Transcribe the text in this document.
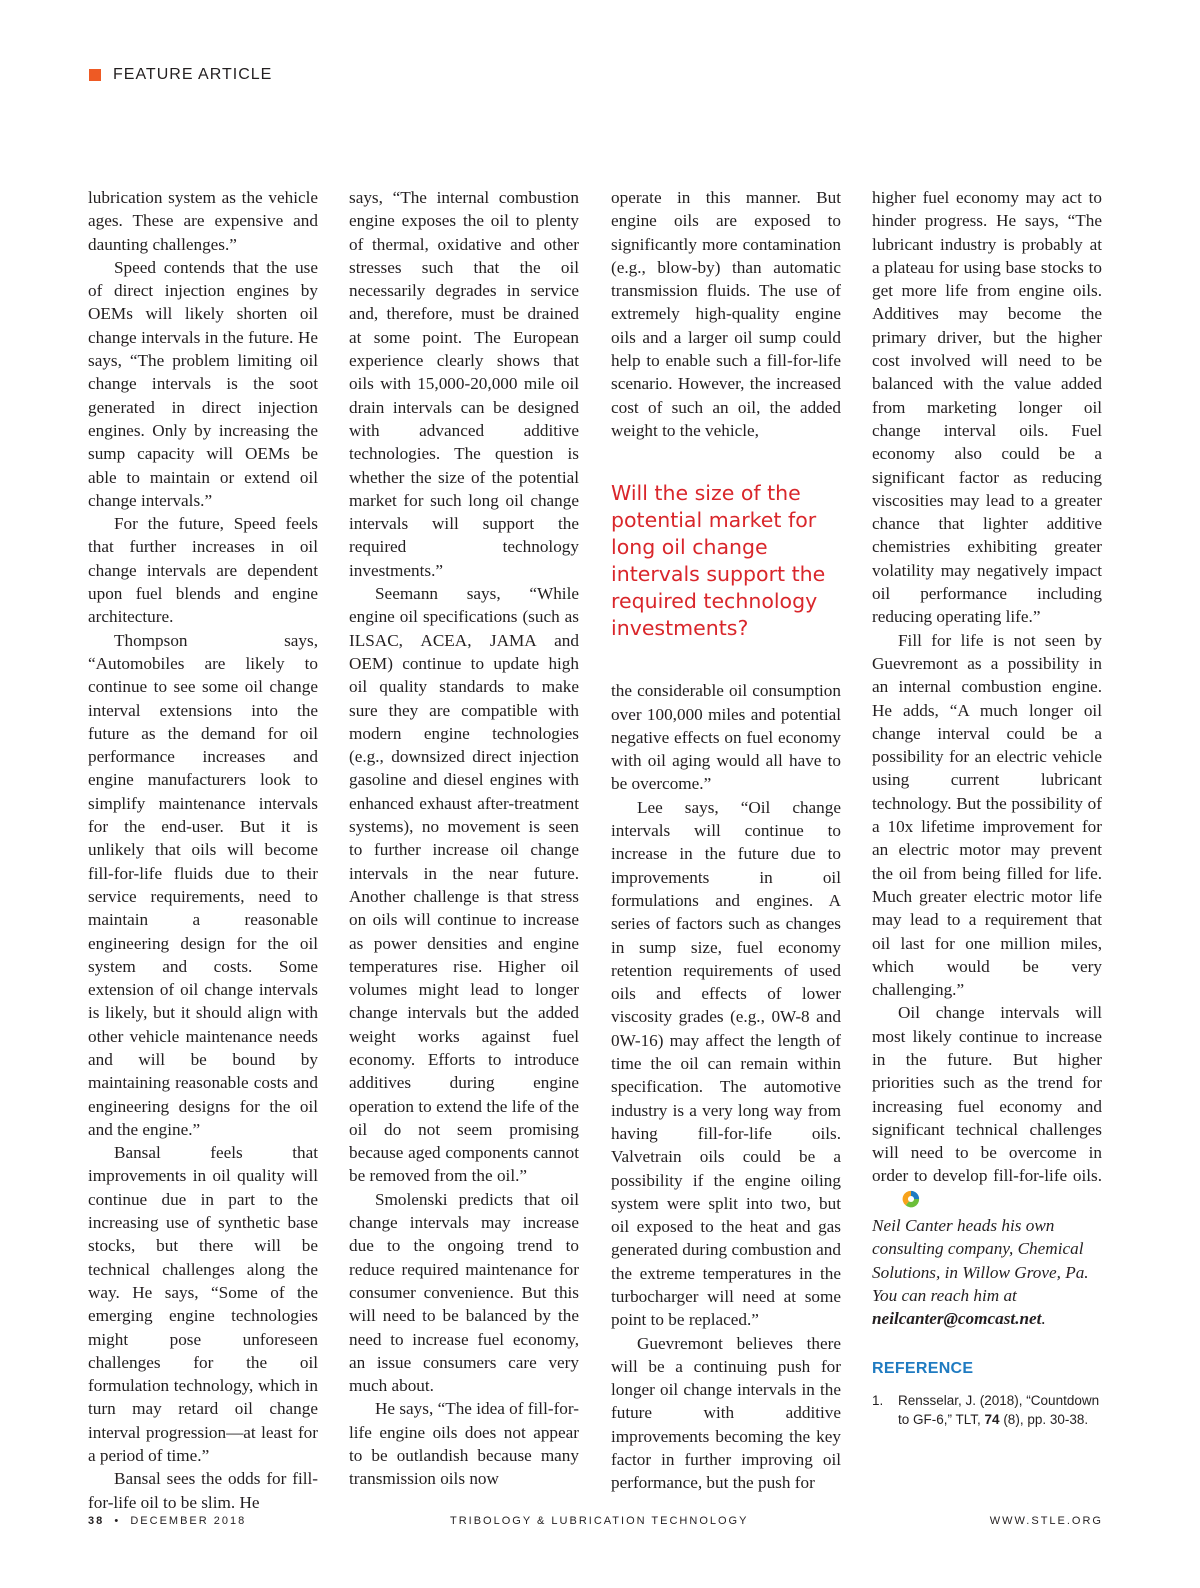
FEATURE ARTICLE

lubrication system as the vehicle ages. These are expensive and daunting challenges.”

Speed contends that the use of direct injection engines by OEMs will likely shorten oil change intervals in the future. He says, “The problem limiting oil change intervals is the soot generated in direct injection engines. Only by increasing the sump capacity will OEMs be able to maintain or extend oil change intervals.”

For the future, Speed feels that further increases in oil change intervals are dependent upon fuel blends and engine architecture.

Thompson says, “Automobiles are likely to continue to see some oil change interval extensions into the future as the demand for oil performance increases and engine manufacturers look to simplify maintenance intervals for the end-user. But it is unlikely that oils will become fill-for-life fluids due to their service requirements, need to maintain a reasonable engineering design for the oil system and costs. Some extension of oil change intervals is likely, but it should align with other vehicle maintenance needs and will be bound by maintaining reasonable costs and engineering designs for the oil and the engine.”

Bansal feels that improvements in oil quality will continue due in part to the increasing use of synthetic base stocks, but there will be technical challenges along the way. He says, “Some of the emerging engine technologies might pose unforeseen challenges for the oil formulation technology, which in turn may retard oil change interval progression—at least for a period of time.”

Bansal sees the odds for fill-for-life oil to be slim. He

says, “The internal combustion engine exposes the oil to plenty of thermal, oxidative and other stresses such that the oil necessarily degrades in service and, therefore, must be drained at some point. The European experience clearly shows that oils with 15,000-20,000 mile oil drain intervals can be designed with advanced additive technologies. The question is whether the size of the potential market for such long oil change intervals will support the required technology investments.”

Seemann says, “While engine oil specifications (such as ILSAC, ACEA, JAMA and OEM) continue to update high oil quality standards to make sure they are compatible with modern engine technologies (e.g., downsized direct injection gasoline and diesel engines with enhanced exhaust after-treatment systems), no movement is seen to further increase oil change intervals in the near future. Another challenge is that stress on oils will continue to increase as power densities and engine temperatures rise. Higher oil volumes might lead to longer change intervals but the added weight works against fuel economy. Efforts to introduce additives during engine operation to extend the life of the oil do not seem promising because aged components cannot be removed from the oil.”

Smolenski predicts that oil change intervals may increase due to the ongoing trend to reduce required maintenance for consumer convenience. But this will need to be balanced by the need to increase fuel economy, an issue consumers care very much about.

He says, “The idea of fill-for-life engine oils does not appear to be outlandish because many transmission oils now

operate in this manner. But engine oils are exposed to significantly more contamination (e.g., blow-by) than automatic transmission fluids. The use of extremely high-quality engine oils and a larger oil sump could help to enable such a fill-for-life scenario. However, the increased cost of such an oil, the added weight to the vehicle,

Will the size of the potential market for long oil change intervals support the required technology investments?

the considerable oil consumption over 100,000 miles and potential negative effects on fuel economy with oil aging would all have to be overcome.”

Lee says, “Oil change intervals will continue to increase in the future due to improvements in oil formulations and engines. A series of factors such as changes in sump size, fuel economy retention requirements of used oils and effects of lower viscosity grades (e.g., 0W-8 and 0W-16) may affect the length of time the oil can remain within specification. The automotive industry is a very long way from having fill-for-life oils. Valvetrain oils could be a possibility if the engine oiling system were split into two, but oil exposed to the heat and gas generated during combustion and the extreme temperatures in the turbocharger will need at some point to be replaced.”

Guevremont believes there will be a continuing push for longer oil change intervals in the future with additive improvements becoming the key factor in further improving oil performance, but the push for

higher fuel economy may act to hinder progress. He says, “The lubricant industry is probably at a plateau for using base stocks to get more life from engine oils. Additives may become the primary driver, but the higher cost involved will need to be balanced with the value added from marketing longer oil change interval oils. Fuel economy also could be a significant factor as reducing viscosities may lead to a greater chance that lighter additive chemistries exhibiting greater volatility may negatively impact oil performance including reducing operating life.”

Fill for life is not seen by Guevremont as a possibility in an internal combustion engine. He adds, “A much longer oil change interval could be a possibility for an electric vehicle using current lubricant technology. But the possibility of a 10x lifetime improvement for an electric motor may prevent the oil from being filled for life. Much greater electric motor life may lead to a requirement that oil last for one million miles, which would be very challenging.”

Oil change intervals will most likely continue to increase in the future. But higher priorities such as the trend for increasing fuel economy and significant technical challenges will need to be overcome in order to develop fill-for-life oils.

Neil Canter heads his own consulting company, Chemical Solutions, in Willow Grove, Pa. You can reach him at neilcanter@comcast.net.

REFERENCE
1.	Rensselar, J. (2018), “Countdown to GF-6,” TLT, 74 (8), pp. 30-38.
38 • DECEMBER 2018	TRIBOLOGY & LUBRICATION TECHNOLOGY	WWW.STLE.ORG
